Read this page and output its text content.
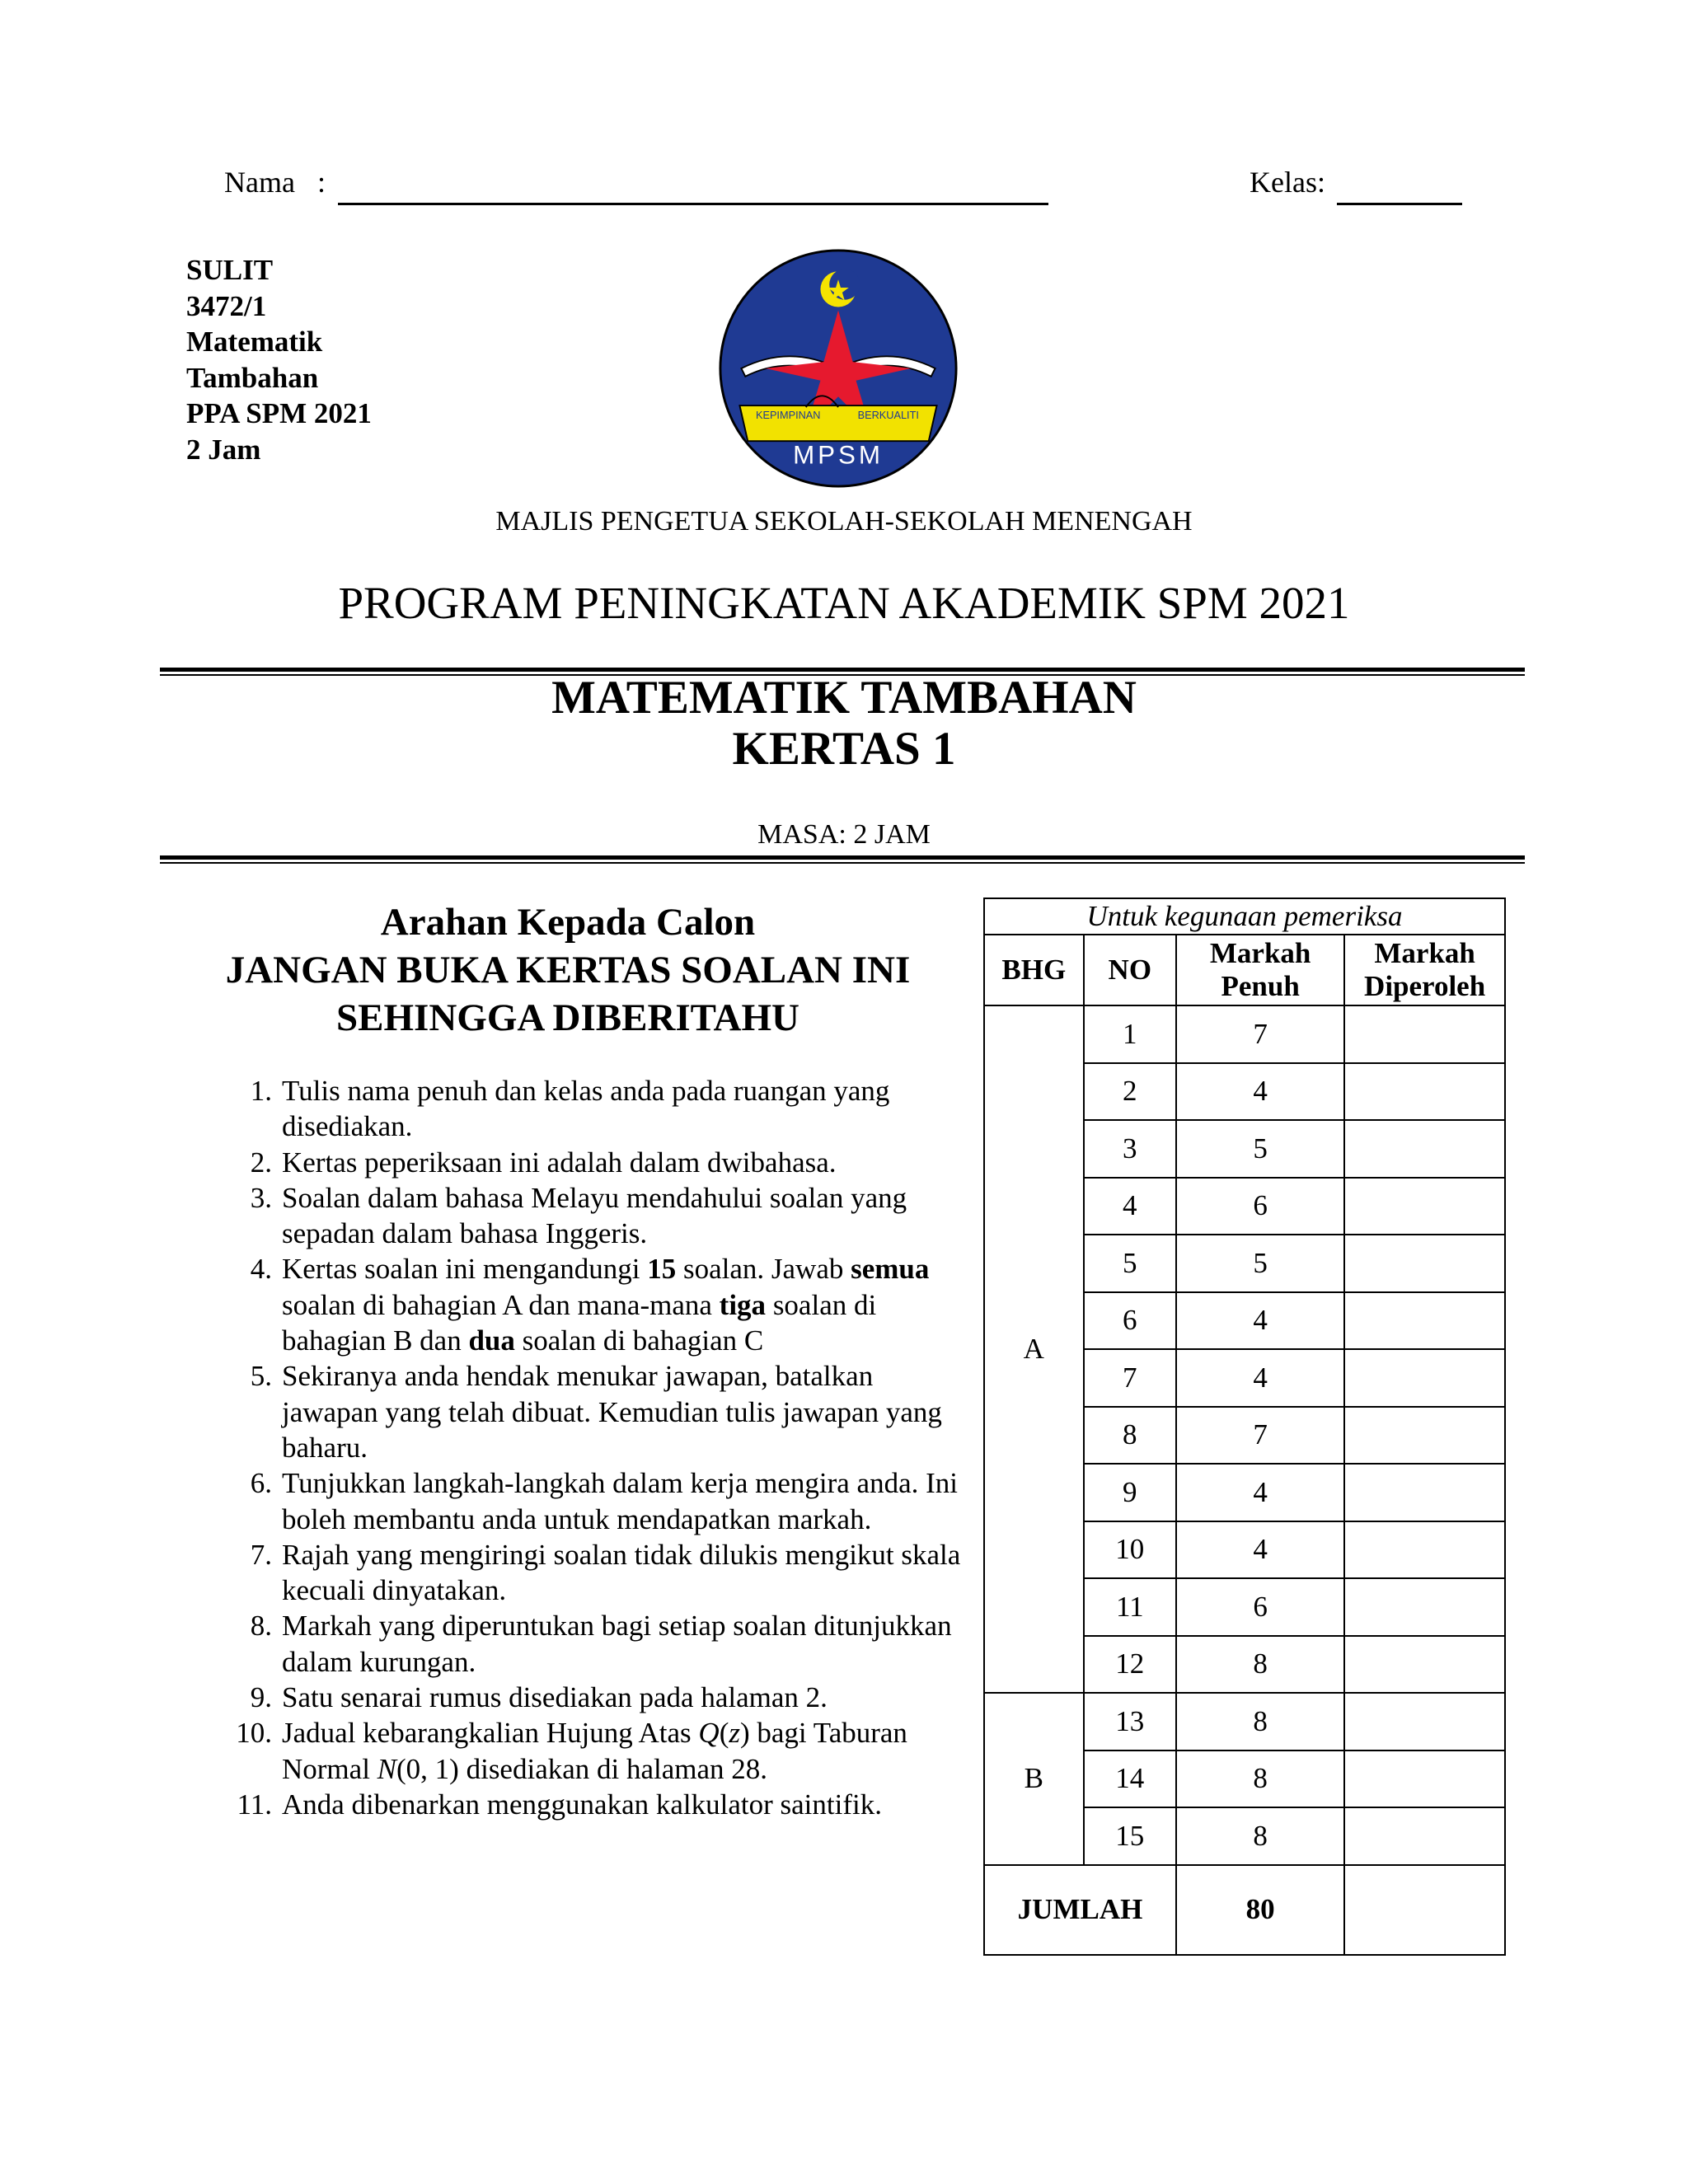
Nama   :	Kelas:
SULIT
3472/1
Matematik
Tambahan
PPA SPM 2021
2 Jam
KEPIMPINAN	BERKUALITI
MPSM
MAJLIS PENGETUA SEKOLAH-SEKOLAH MENENGAH
PROGRAM PENINGKATAN AKADEMIK SPM 2021
MATEMATIK TAMBAHAN
KERTAS 1
MASA: 2 JAM
Arahan Kepada Calon
JANGAN BUKA KERTAS SOALAN INI
SEHINGGA DIBERITAHU
1. Tulis nama penuh dan kelas anda pada ruangan yang disediakan.
2. Kertas peperiksaan ini adalah dalam dwibahasa.
3. Soalan dalam bahasa Melayu mendahului soalan yang sepadan dalam bahasa Inggeris.
4. Kertas soalan ini mengandungi 15 soalan. Jawab semua soalan di bahagian A dan mana-mana tiga soalan di bahagian B dan dua soalan di bahagian C
5. Sekiranya anda hendak menukar jawapan, batalkan jawapan yang telah dibuat. Kemudian tulis jawapan yang baharu.
6. Tunjukkan langkah-langkah dalam kerja mengira anda. Ini boleh membantu anda untuk mendapatkan markah.
7. Rajah yang mengiringi soalan tidak dilukis mengikut skala kecuali dinyatakan.
8. Markah yang diperuntukan bagi setiap soalan ditunjukkan dalam kurungan.
9. Satu senarai rumus disediakan pada halaman 2.
10. Jadual kebarangkalian Hujung Atas Q(z) bagi Taburan Normal N(0, 1) disediakan di halaman 28.
11. Anda dibenarkan menggunakan kalkulator saintifik.
Untuk kegunaan pemeriksa			
BHG	NO	Markah Penuh	Markah Diperoleh
A	1	7	
	2	4	
	3	5	
	4	6	
	5	5	
	6	4	
	7	4	
	8	7	
	9	4	
	10	4	
	11	6	
	12	8	
B	13	8	
	14	8	
	15	8	
JUMLAH		80	
